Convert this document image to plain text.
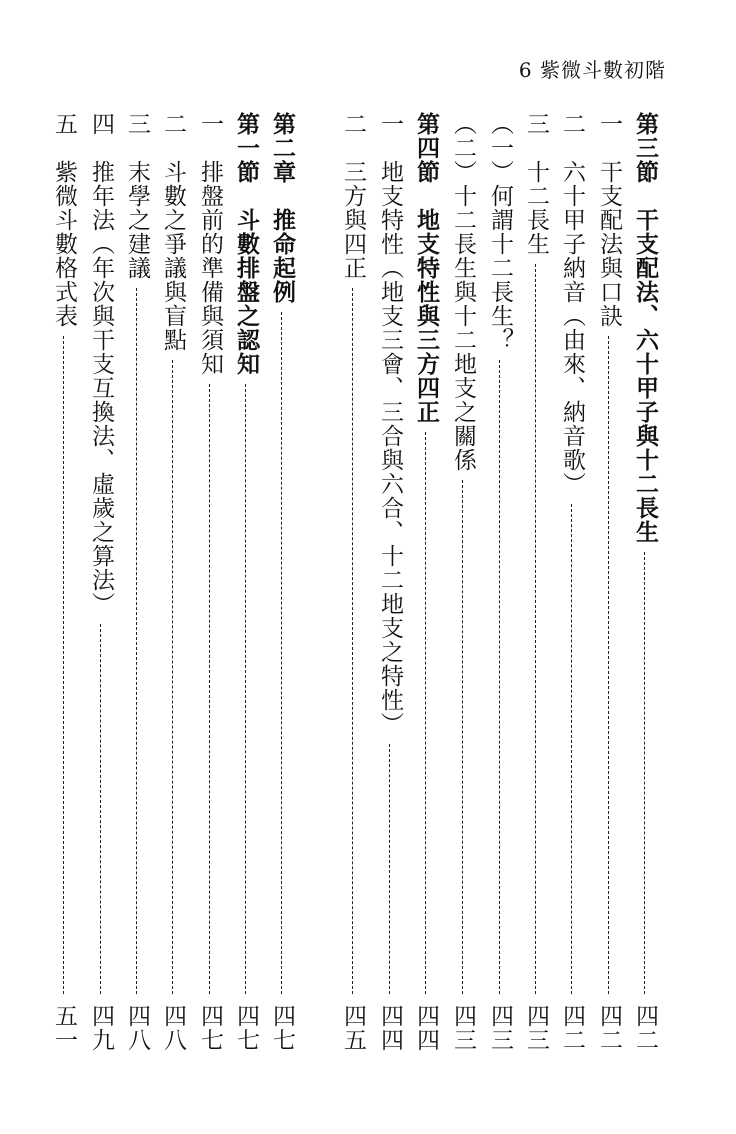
6 紫微斗數初階
第三節　干支配法、六十甲子與十二長生
四二
一　干支配法與口訣
四二
二　六十甲子納音（由來、納音歌）
四二
三　十二長生
四三
（一）何謂十二長生？
四三
（二）十二長生與十二地支之關係
四三
第四節　地支特性與三方四正
四四
一　地支特性（地支三會、三合與六合、十二地支之特性）
四四
二　三方與四正
四五
第二章　推命起例
四七
第一節　斗數排盤之認知
四七
一　排盤前的準備與須知
四七
二　斗數之爭議與盲點
四八
三　末學之建議
四八
四　推年法（年次與干支互換法、虛歲之算法）
四九
五　紫微斗數格式表
五一
